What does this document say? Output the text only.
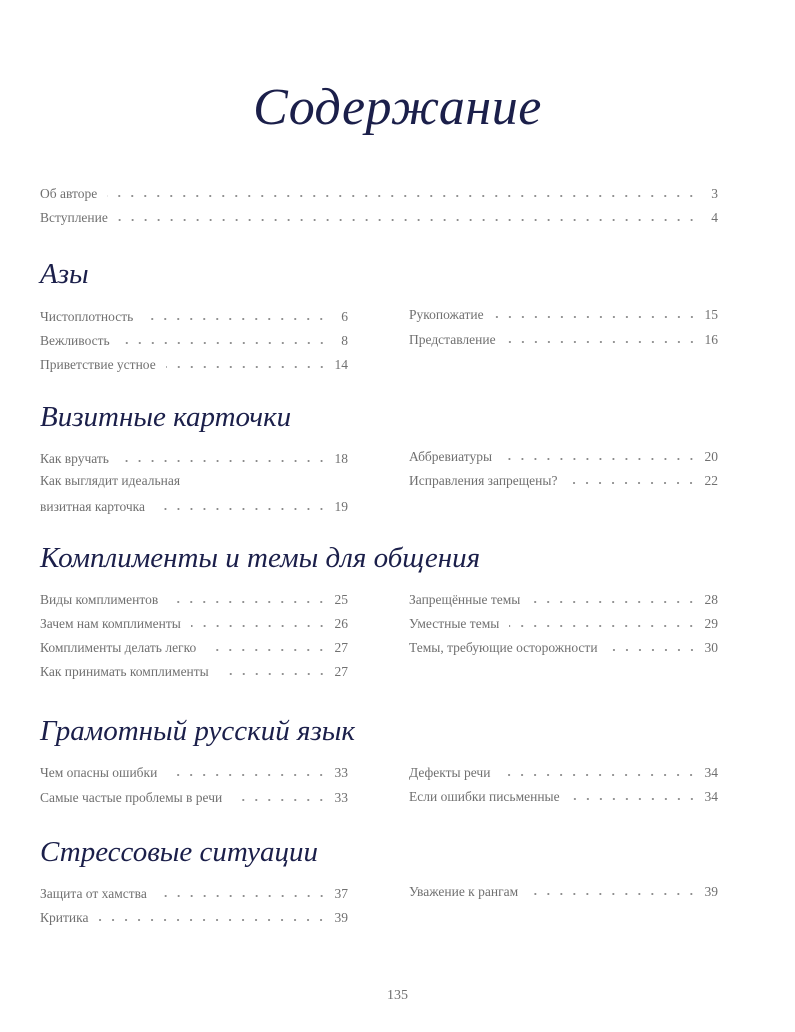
Содержание
Об авторе	3
Вступление	4
Азы
Чистоплотность	6
Вежливость	8
Приветствие устное	14
Рукопожатие	15
Представление	16
Визитные карточки
Как вручать	18
Как выглядит идеальная
визитная карточка	19
Аббревиатуры	20
Исправления запрещены?	22
Комплименты и темы для общения
Виды комплиментов	25
Зачем нам комплименты	26
Комплименты делать легко	27
Как принимать комплименты	27
Запрещённые темы	28
Уместные темы	29
Темы, требующие осторожности	30
Грамотный русский язык
Чем опасны ошибки	33
Самые частые проблемы в речи	33
Дефекты речи	34
Если ошибки письменные	34
Стрессовые ситуации
Защита от хамства	37
Критика	39
Уважение к рангам	39
135
